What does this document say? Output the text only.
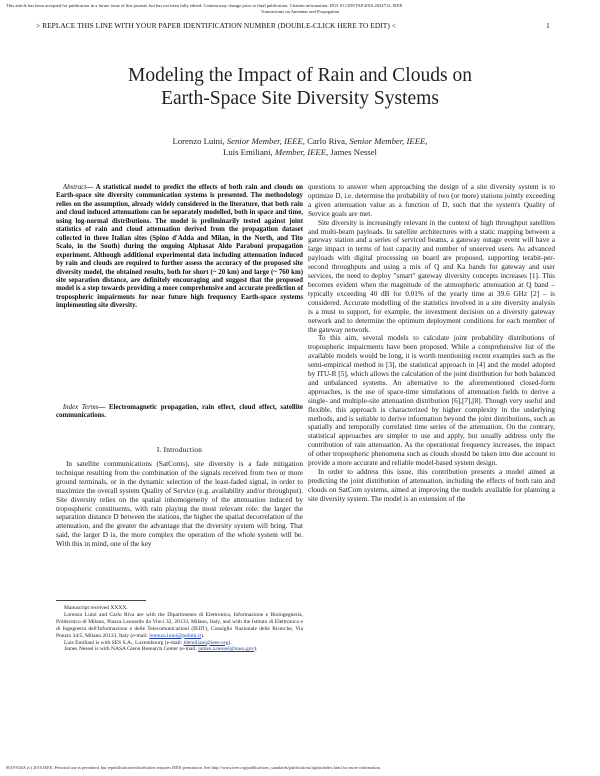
This article has been accepted for publication in a future issue of this journal, but has not been fully edited. Content may change prior to final publication. Citation information: DOI 10.1109/TAP.2016.2634712, IEEE
Transactions on Antennas and Propagation
> REPLACE THIS LINE WITH YOUR PAPER IDENTIFICATION NUMBER (DOUBLE-CLICK HERE TO EDIT) <	1
Modeling the Impact of Rain and Clouds on
Earth-Space Site Diversity Systems
Lorenzo Luini, Senior Member, IEEE, Carlo Riva, Senior Member, IEEE,
Luis Emiliani, Member, IEEE, James Nessel
 Abstract— A statistical model to predict the effects of both rain and clouds on Earth-space site diversity communication systems is presented. The methodology relies on the assumption, already widely considered in the literature, that both rain and cloud induced attenuations can be separately modelled, both in space and time, using log-normal distributions. The model is preliminarily tested against joint statistics of rain and cloud attenuation derived from the propagation dataset collected in three Italian sites (Spino d'Adda and Milan, in the North, and Tito Scalo, in the South) during the ongoing Alphasat Aldo Paraboni propagation experiment. Although additional experimental data including attenuation induced by rain and clouds are required to further assess the accuracy of the proposed site diversity model, the obtained results, both for short (~ 20 km) and large (~ 760 km) site separation distance, are definitely encouraging and suggest that the proposed model is a step towards providing a more comprehensive and accurate prediction of tropospheric impairments for near future high frequency Earth-space systems implementing site diversity.
 Index Terms— Electromagnetic propagation, rain effect, cloud effect, satellite communications.
I. Introduction

In satellite communications (SatComs), site diversity is a fade mitigation technique resulting from the combination of the signals received from two or more ground terminals, or in the dynamic selection of the least-faded signal, in order to maximize the overall system Quality of Service (e.g. availability and/or throughput). Site diversity relies on the spatial inhomogeneity of the attenuation induced by tropospheric constituents, with rain playing the most relevant role: the larger the separation distance D between the stations, the higher the spatial decorrelation of the attenuation, and the greater the advantage that the diversity system will bring. That said, the larger D is, the more complex the operation of the whole system will be. With this in mind, one of the key

Manuscript received XXXX.

Lorenzo Luini and Carlo Riva are with the Dipartimento di Elettronica, Informazione e Bioingegneria, Politecnico di Milano, Piazza Leonardo da Vinci 32, 20133, Milano, Italy, and with the Istituto di Elettronica e di Ingegneria dell'Informazione e delle Telecomunicazioni (IEIIT), Consiglio Nazionale delle Ricerche, Via Ponzio 34/5, Milano 20133, Italy (e-mail: lorenzo.luini@polimi.it).

Luis Emiliani is with SES S.A., Luxembourg (e-mail: ldemiliani@ieee.org).

James Nessel is with NASA Glenn Research Center (e-mail: james.a.nessel@nasa.gov).

questions to answer when approaching the design of a site diversity system is to optimize D, i.e. determine the probability of two (or more) stations jointly exceeding a given attenuation value as a function of D, such that the system's Quality of Service goals are met.

Site diversity is increasingly relevant in the context of high throughput satellites and multi-beam payloads. In satellite architectures with a static mapping between a gateway station and a series of serviced beams, a gateway outage event will have a large impact in terms of lost capacity and number of unserved users. As advanced payloads with digital processing on board are proposed, supporting terabit-per-second throughputs and using a mix of Q and Ka bands for gateway and user services, the need to deploy "smart" gateway diversity concepts increases [1]. This becomes evident when the magnitude of the atmospheric attenuation at Q band – typically exceeding 40 dB for 0.01% of the yearly time at 39.6 GHz [2] – is considered. Accurate modelling of the statistics involved in a site diversity analysis is a must to support, for example, the investment decision on a diversity gateway network and to determine the optimum deployment conditions for each member of the gateway network.

To this aim, several models to calculate joint probability distributions of tropospheric impairments have been proposed. While a comprehensive list of the available models would be long, it is worth mentioning recent examples such as the semi-empirical method in [3], the statistical approach in [4] and the model adopted by ITU-R [5], which allows the calculation of the joint distribution for both balanced and unbalanced systems. An alternative to the aforementioned closed-form approaches, is the use of space-time simulations of attenuation fields to derive a single- and multiple-site attenuation distribution [6],[7],[8]. Though very useful and flexible, this approach is characterized by higher complexity in the underlying methods, and is suitable to derive information beyond the joint distributions, such as spatially and temporally correlated time series of the attenuation. On the contrary, statistical approaches are simpler to use and apply, but usually address only the contribution of rain attenuation. As the operational frequency increases, the impact of other tropospheric phenomena such as clouds should be taken into due account to provide a more accurate and reliable model-based system design.

In order to address this issue, this contribution presents a model aimed at predicting the joint distribution of attenuation, including the effects of both rain and clouds on SatCom systems, aimed at improving the models available for planning a site diversity system. The model is an extension of the

0018-926X (c) 2016 IEEE. Personal use is permitted, but republication/redistribution requires IEEE permission. See http://www.ieee.org/publications_standards/publications/rights/index.html for more information.
